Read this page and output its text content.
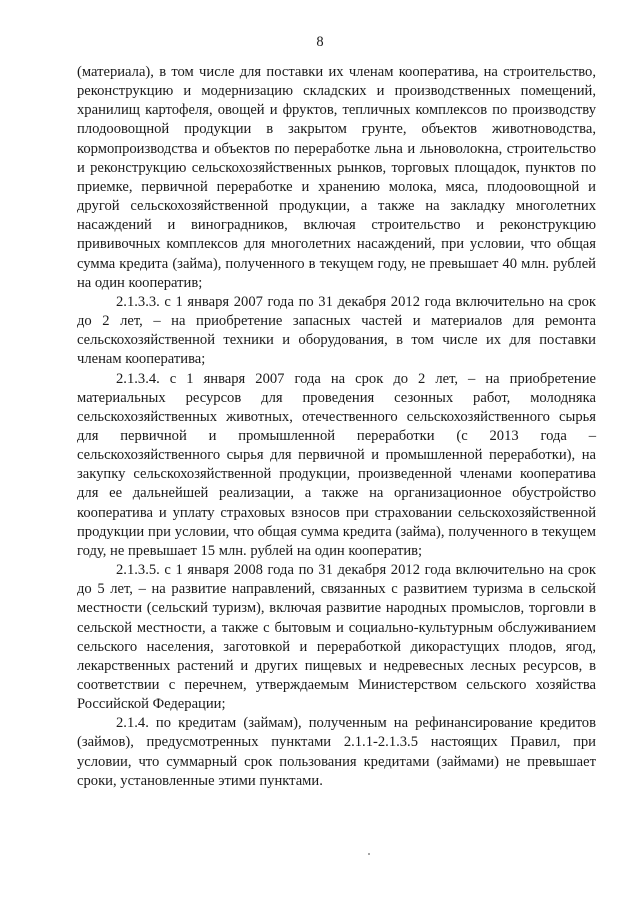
8

(материала), в том числе для поставки их членам кооператива, на строительство, реконструкцию и модернизацию складских и производственных помещений, хранилищ картофеля, овощей и фруктов, тепличных комплексов по производству плодоовощной продукции в закрытом грунте, объектов животноводства, кормопроизводства и объектов по переработке льна и льноволокна, строительство и реконструкцию сельскохозяйственных рынков, торговых площадок, пунктов по приемке, первичной переработке и хранению молока, мяса, плодоовощной и другой сельскохозяйственной продукции, а также на закладку многолетних насаждений и виноградников, включая строительство и реконструкцию прививочных комплексов для многолетних насаждений, при условии, что общая сумма кредита (займа), полученного в текущем году, не превышает 40 млн. рублей на один кооператив;

2.1.3.3. с 1 января 2007 года по 31 декабря 2012 года включительно на срок до 2 лет, – на приобретение запасных частей и материалов для ремонта сельскохозяйственной техники и оборудования, в том числе их для поставки членам кооператива;

2.1.3.4. с 1 января 2007 года на срок до 2 лет, – на приобретение материальных ресурсов для проведения сезонных работ, молодняка сельскохозяйственных животных, отечественного сельскохозяйственного сырья для первичной и промышленной переработки (с 2013 года – сельскохозяйственного сырья для первичной и промышленной переработки), на закупку сельскохозяйственной продукции, произведенной членами кооператива для ее дальнейшей реализации, а также на организационное обустройство кооператива и уплату страховых взносов при страховании сельскохозяйственной продукции при условии, что общая сумма кредита (займа), полученного в текущем году, не превышает 15 млн. рублей на один кооператив;

2.1.3.5. с 1 января 2008 года по 31 декабря 2012 года включительно на срок до 5 лет, – на развитие направлений, связанных с развитием туризма в сельской местности (сельский туризм), включая развитие народных промыслов, торговли в сельской местности, а также с бытовым и социально-культурным обслуживанием сельского населения, заготовкой и переработкой дикорастущих плодов, ягод, лекарственных растений и других пищевых и недревесных лесных ресурсов, в соответствии с перечнем, утверждаемым Министерством сельского хозяйства Российской Федерации;

2.1.4. по кредитам (займам), полученным на рефинансирование кредитов (займов), предусмотренных пунктами 2.1.1-2.1.3.5 настоящих Правил, при условии, что суммарный срок пользования кредитами (займами) не превышает сроки, установленные этими пунктами.
